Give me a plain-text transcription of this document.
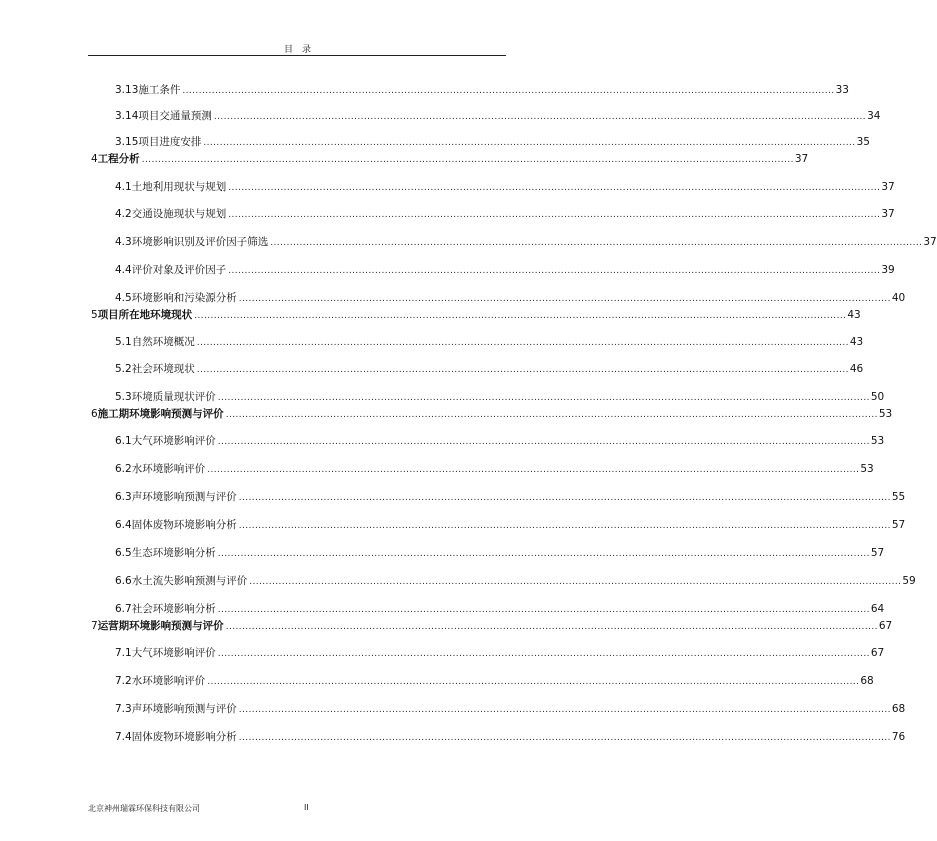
目　录
3.13 施工条件 ........................................................................................................................................................................................................ 33
3.14 项目交通量预测 ........................................................................................................................................................................................................ 34
3.15 项目进度安排 ........................................................................................................................................................................................................ 35
4 工程分析 ........................................................................................................................................................................................................ 37
4.1 土地利用现状与规划 ........................................................................................................................................................................................................ 37
4.2 交通设施现状与规划 ........................................................................................................................................................................................................ 37
4.3 环境影响识别及评价因子筛选 ........................................................................................................................................................................................................ 37
4.4 评价对象及评价因子 ........................................................................................................................................................................................................ 39
4.5 环境影响和污染源分析 ........................................................................................................................................................................................................ 40
5 项目所在地环境现状 ........................................................................................................................................................................................................ 43
5.1 自然环境概况 ........................................................................................................................................................................................................ 43
5.2 社会环境现状 ........................................................................................................................................................................................................ 46
5.3 环境质量现状评价 ........................................................................................................................................................................................................ 50
6 施工期环境影响预测与评价 ........................................................................................................................................................................................................ 53
6.1 大气环境影响评价 ........................................................................................................................................................................................................ 53
6.2 水环境影响评价 ........................................................................................................................................................................................................ 53
6.3 声环境影响预测与评价 ........................................................................................................................................................................................................ 55
6.4 固体废物环境影响分析 ........................................................................................................................................................................................................ 57
6.5 生态环境影响分析 ........................................................................................................................................................................................................ 57
6.6 水土流失影响预测与评价 ........................................................................................................................................................................................................ 59
6.7 社会环境影响分析 ........................................................................................................................................................................................................ 64
7 运营期环境影响预测与评价 ........................................................................................................................................................................................................ 67
7.1 大气环境影响评价 ........................................................................................................................................................................................................ 67
7.2 水环境影响评价 ........................................................................................................................................................................................................ 68
7.3 声环境影响预测与评价 ........................................................................................................................................................................................................ 68
7.4 固体废物环境影响分析 ........................................................................................................................................................................................................ 76
北京神州瑞霖环保科技有限公司	II
